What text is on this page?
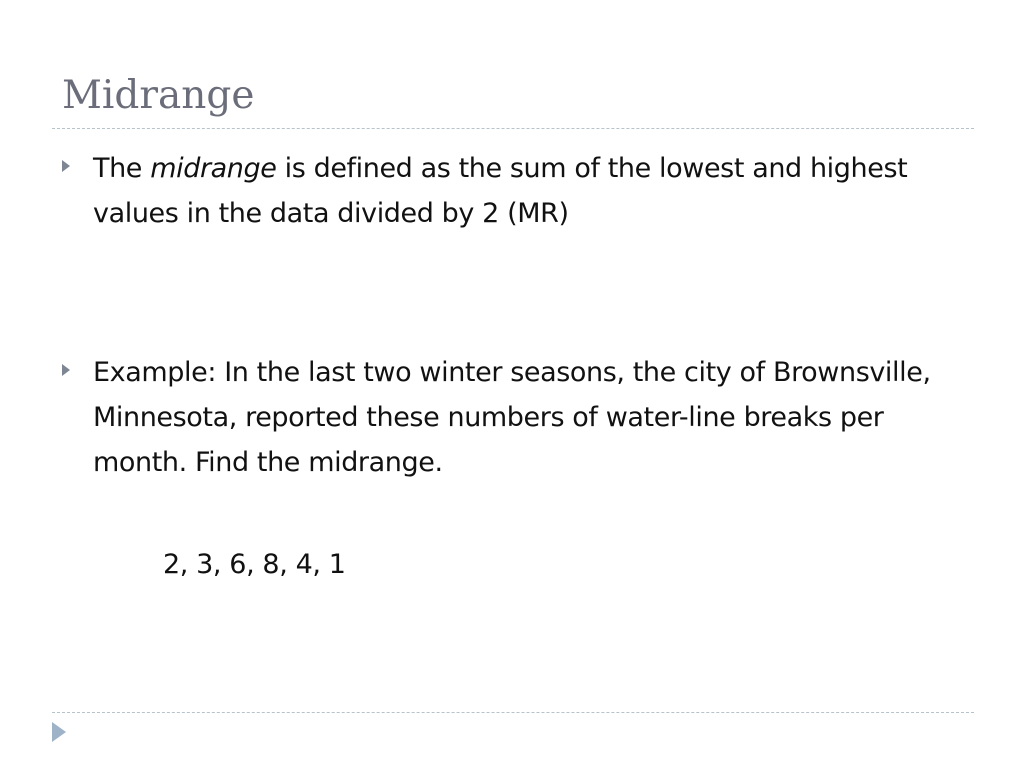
Midrange

The midrange is defined as the sum of the lowest and highest values in the data divided by 2 (MR)

Example: In the last two winter seasons, the city of Brownsville, Minnesota, reported these numbers of water-line breaks per month. Find the midrange.

2, 3, 6, 8, 4, 1
